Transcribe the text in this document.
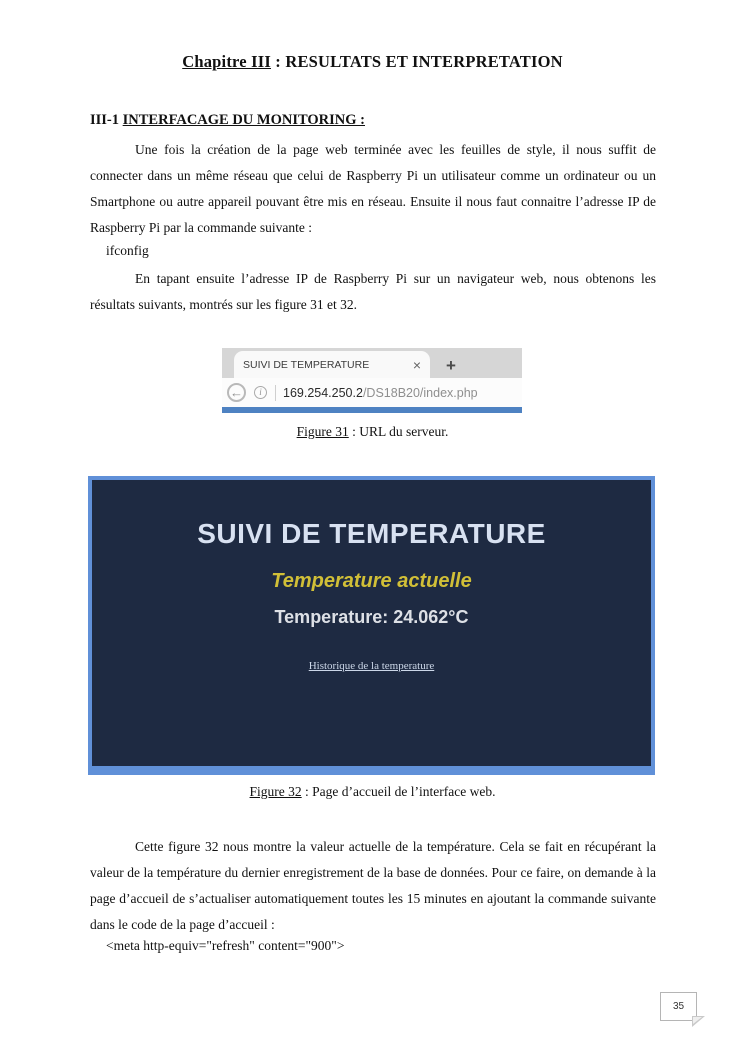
Chapitre III : RESULTATS ET INTERPRETATION
III-1 INTERFACAGE DU MONITORING :
Une fois la création de la page web terminée avec les feuilles de style, il nous suffit de connecter dans un même réseau que celui de Raspberry Pi un utilisateur comme un ordinateur ou un Smartphone ou autre appareil pouvant être mis en réseau. Ensuite il nous faut connaitre l’adresse IP de Raspberry Pi par la commande suivante :
ifconfig
En tapant ensuite l’adresse IP de Raspberry Pi sur un navigateur web, nous obtenons les résultats suivants, montrés sur les figure 31 et 32.
SUIVI DE TEMPERATURE	× +
←	i	169.254.250.2/DS18B20/index.php
Figure 31 : URL du serveur.
SUIVI DE TEMPERATURE
Temperature actuelle
Temperature: 24.062°C
Historique de la temperature
Figure 32 : Page d’accueil de l’interface web.
Cette figure 32 nous montre la valeur actuelle de la température. Cela se fait en récupérant la valeur de la température du dernier enregistrement de la base de données. Pour ce faire, on demande à la page d’accueil de s’actualiser automatiquement toutes les 15 minutes en ajoutant la commande suivante dans le code de la page d’accueil :
<meta http-equiv="refresh" content="900">
35
